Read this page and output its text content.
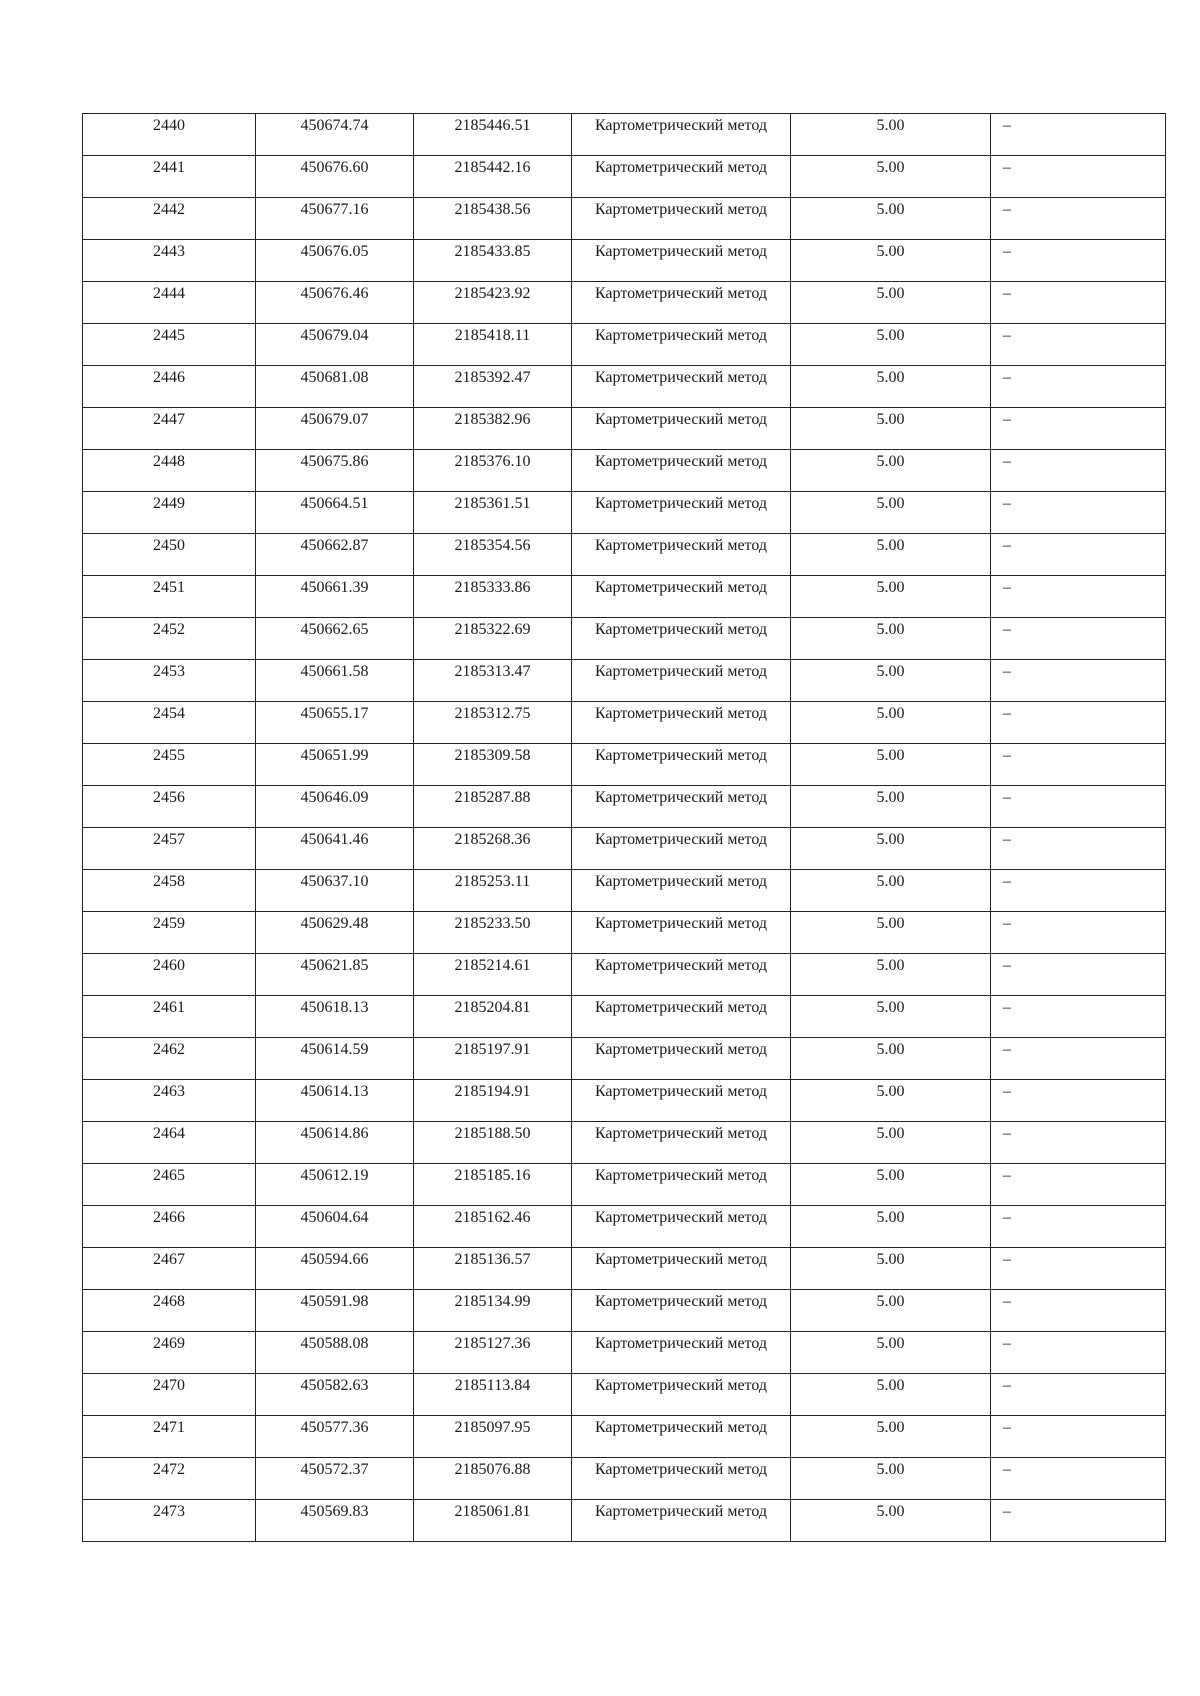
2440	450674.74	2185446.51	Картометрический метод	5.00	–

2441	450676.60	2185442.16	Картометрический метод	5.00	–

2442	450677.16	2185438.56	Картометрический метод	5.00	–

2443	450676.05	2185433.85	Картометрический метод	5.00	–

2444	450676.46	2185423.92	Картометрический метод	5.00	–

2445	450679.04	2185418.11	Картометрический метод	5.00	–

2446	450681.08	2185392.47	Картометрический метод	5.00	–

2447	450679.07	2185382.96	Картометрический метод	5.00	–

2448	450675.86	2185376.10	Картометрический метод	5.00	–

2449	450664.51	2185361.51	Картометрический метод	5.00	–

2450	450662.87	2185354.56	Картометрический метод	5.00	–

2451	450661.39	2185333.86	Картометрический метод	5.00	–

2452	450662.65	2185322.69	Картометрический метод	5.00	–

2453	450661.58	2185313.47	Картометрический метод	5.00	–

2454	450655.17	2185312.75	Картометрический метод	5.00	–

2455	450651.99	2185309.58	Картометрический метод	5.00	–

2456	450646.09	2185287.88	Картометрический метод	5.00	–

2457	450641.46	2185268.36	Картометрический метод	5.00	–

2458	450637.10	2185253.11	Картометрический метод	5.00	–

2459	450629.48	2185233.50	Картометрический метод	5.00	–

2460	450621.85	2185214.61	Картометрический метод	5.00	–

2461	450618.13	2185204.81	Картометрический метод	5.00	–

2462	450614.59	2185197.91	Картометрический метод	5.00	–

2463	450614.13	2185194.91	Картометрический метод	5.00	–

2464	450614.86	2185188.50	Картометрический метод	5.00	–

2465	450612.19	2185185.16	Картометрический метод	5.00	–

2466	450604.64	2185162.46	Картометрический метод	5.00	–

2467	450594.66	2185136.57	Картометрический метод	5.00	–

2468	450591.98	2185134.99	Картометрический метод	5.00	–

2469	450588.08	2185127.36	Картометрический метод	5.00	–

2470	450582.63	2185113.84	Картометрический метод	5.00	–

2471	450577.36	2185097.95	Картометрический метод	5.00	–

2472	450572.37	2185076.88	Картометрический метод	5.00	–

2473	450569.83	2185061.81	Картометрический метод	5.00	–
